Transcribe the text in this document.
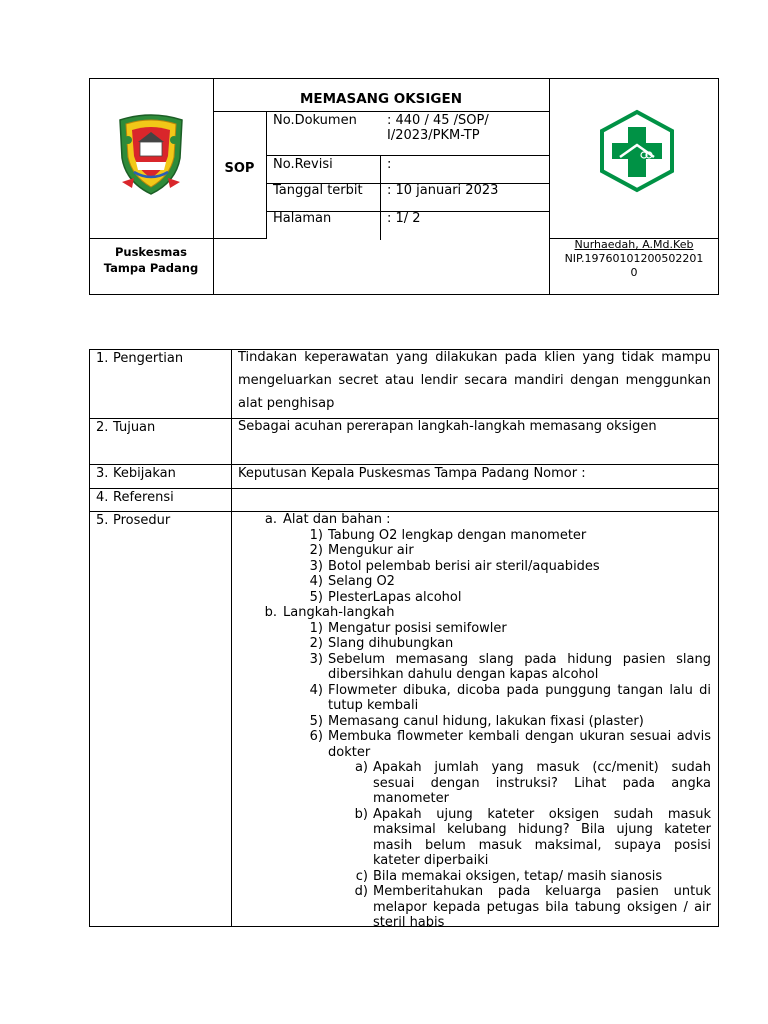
MEMASANG OKSIGEN
SOP
No.Dokumen : 440 / 45 /SOP/
I/2023/PKM-TP
No.Revisi	:
Tanggal terbit : 10 januari 2023
Halaman	: 1/ 2
Puskesmas
Tampa Padang
Nurhaedah, A.Md.Keb
NIP.19760101200502201
0
1. Pengertian
2. Tujuan
3. Kebijakan
4. Referensi
5. Prosedur
Tindakan keperawatan yang dilakukan pada klien yang tidak mampu mengeluarkan secret atau lendir secara mandiri dengan menggunkan alat penghisap
Sebagai acuhan pererapan langkah-langkah memasang oksigen
Keputusan Kepala Puskesmas Tampa Padang Nomor :
a. Alat dan bahan :
1) Tabung O2 lengkap dengan manometer
2) Mengukur air
3) Botol pelembab berisi air steril/aquabides
4) Selang O2
5) PlesterLapas alcohol
b. Langkah-langkah
1) Mengatur posisi semifowler
2) Slang dihubungkan
3) Sebelum memasang slang pada hidung pasien slang dibersihkan dahulu dengan kapas alcohol
4) Flowmeter dibuka, dicoba pada punggung tangan lalu di tutup kembali
5) Memasang canul hidung, lakukan fixasi (plaster)
6) Membuka flowmeter kembali dengan ukuran sesuai advis dokter
a) Apakah jumlah yang masuk (cc/menit) sudah sesuai dengan instruksi? Lihat pada angka manometer
b) Apakah ujung kateter oksigen sudah masuk maksimal kelubang hidung? Bila ujung kateter masih belum masuk maksimal, supaya posisi kateter diperbaiki
c) Bila memakai oksigen, tetap/ masih sianosis
d) Memberitahukan pada keluarga pasien untuk melapor kepada petugas bila tabung oksigen / air steril habis
